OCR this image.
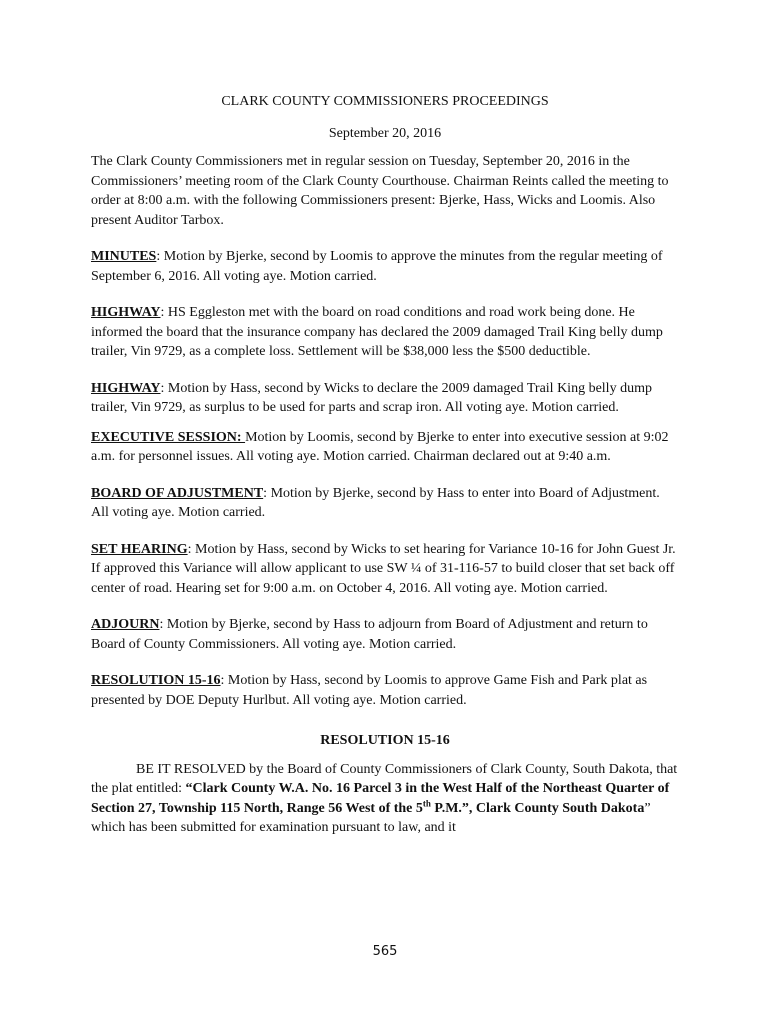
CLARK COUNTY COMMISSIONERS PROCEEDINGS

September 20, 2016

The Clark County Commissioners met in regular session on Tuesday, September 20, 2016 in the Commissioners’ meeting room of the Clark County Courthouse. Chairman Reints called the meeting to order at 8:00 a.m. with the following Commissioners present: Bjerke, Hass, Wicks and Loomis. Also present Auditor Tarbox.

MINUTES: Motion by Bjerke, second by Loomis to approve the minutes from the regular meeting of September 6, 2016. All voting aye. Motion carried.

HIGHWAY: HS Eggleston met with the board on road conditions and road work being done. He informed the board that the insurance company has declared the 2009 damaged Trail King belly dump trailer, Vin 9729, as a complete loss. Settlement will be $38,000 less the $500 deductible.

HIGHWAY: Motion by Hass, second by Wicks to declare the 2009 damaged Trail King belly dump trailer, Vin 9729, as surplus to be used for parts and scrap iron. All voting aye. Motion carried.

EXECUTIVE SESSION: Motion by Loomis, second by Bjerke to enter into executive session at 9:02 a.m. for personnel issues. All voting aye. Motion carried. Chairman declared out at 9:40 a.m.

BOARD OF ADJUSTMENT: Motion by Bjerke, second by Hass to enter into Board of Adjustment. All voting aye. Motion carried.

SET HEARING: Motion by Hass, second by Wicks to set hearing for Variance 10-16 for John Guest Jr. If approved this Variance will allow applicant to use SW ¼ of 31-116-57 to build closer that set back off center of road. Hearing set for 9:00 a.m. on October 4, 2016. All voting aye. Motion carried.

ADJOURN: Motion by Bjerke, second by Hass to adjourn from Board of Adjustment and return to Board of County Commissioners. All voting aye. Motion carried.

RESOLUTION 15-16: Motion by Hass, second by Loomis to approve Game Fish and Park plat as presented by DOE Deputy Hurlbut. All voting aye. Motion carried.

RESOLUTION 15-16

BE IT RESOLVED by the Board of County Commissioners of Clark County, South Dakota, that the plat entitled: “Clark County W.A. No. 16 Parcel 3 in the West Half of the Northeast Quarter of Section 27, Township 115 North, Range 56 West of the 5th P.M.”, Clark County South Dakota” which has been submitted for examination pursuant to law, and it

565
